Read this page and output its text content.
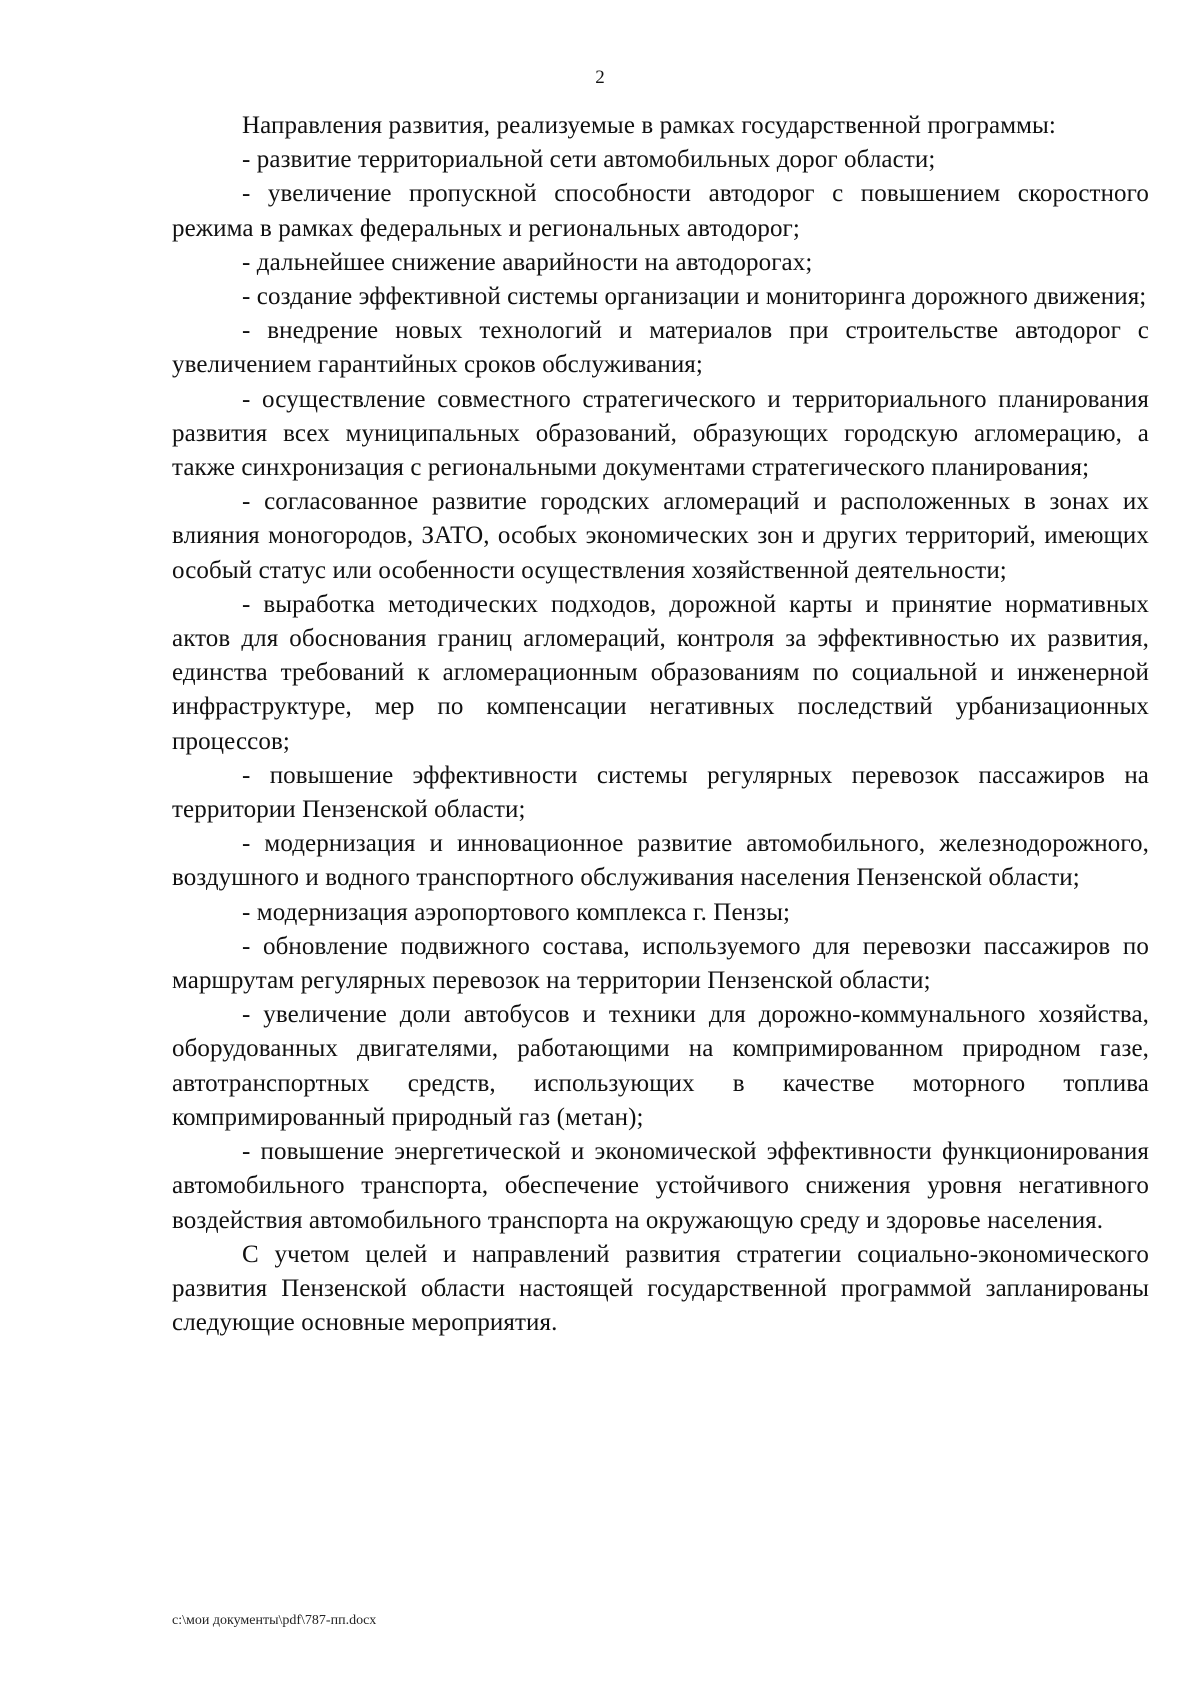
2

Направления развития, реализуемые в рамках государственной программы:

- развитие территориальной сети автомобильных дорог области;

- увеличение пропускной способности автодорог с повышением скоростного режима в рамках федеральных и региональных автодорог;

- дальнейшее снижение аварийности на автодорогах;

- создание эффективной системы организации и мониторинга дорожного движения;

- внедрение новых технологий и материалов при строительстве автодорог с увеличением гарантийных сроков обслуживания;

- осуществление совместного стратегического и территориального планирования развития всех муниципальных образований, образующих городскую агломерацию, а также синхронизация с региональными документами стратегического планирования;

- согласованное развитие городских агломераций и расположенных в зонах их влияния моногородов, ЗАТО, особых экономических зон и других территорий, имеющих особый статус или особенности осуществления хозяйственной деятельности;

- выработка методических подходов, дорожной карты и принятие нормативных актов для обоснования границ агломераций, контроля за эффективностью их развития, единства требований к агломерационным образованиям по социальной и инженерной инфраструктуре, мер по компенсации негативных последствий урбанизационных процессов;

- повышение эффективности системы регулярных перевозок пассажиров на территории Пензенской области;

- модернизация и инновационное развитие автомобильного, железнодорожного, воздушного и водного транспортного обслуживания населения Пензенской области;

- модернизация аэропортового комплекса г. Пензы;

- обновление подвижного состава, используемого для перевозки пассажиров по маршрутам регулярных перевозок на территории Пензенской области;

- увеличение доли автобусов и техники для дорожно-коммунального хозяйства, оборудованных двигателями, работающими на компримированном природном газе, автотранспортных средств, использующих в качестве моторного топлива компримированный природный газ (метан);

- повышение энергетической и экономической эффективности функционирования автомобильного транспорта, обеспечение устойчивого снижения уровня негативного воздействия автомобильного транспорта на окружающую среду и здоровье населения.

С учетом целей и направлений развития стратегии социально-экономического развития Пензенской области настоящей государственной программой запланированы следующие основные мероприятия.

c:\мои документы\pdf\787-пп.docx
